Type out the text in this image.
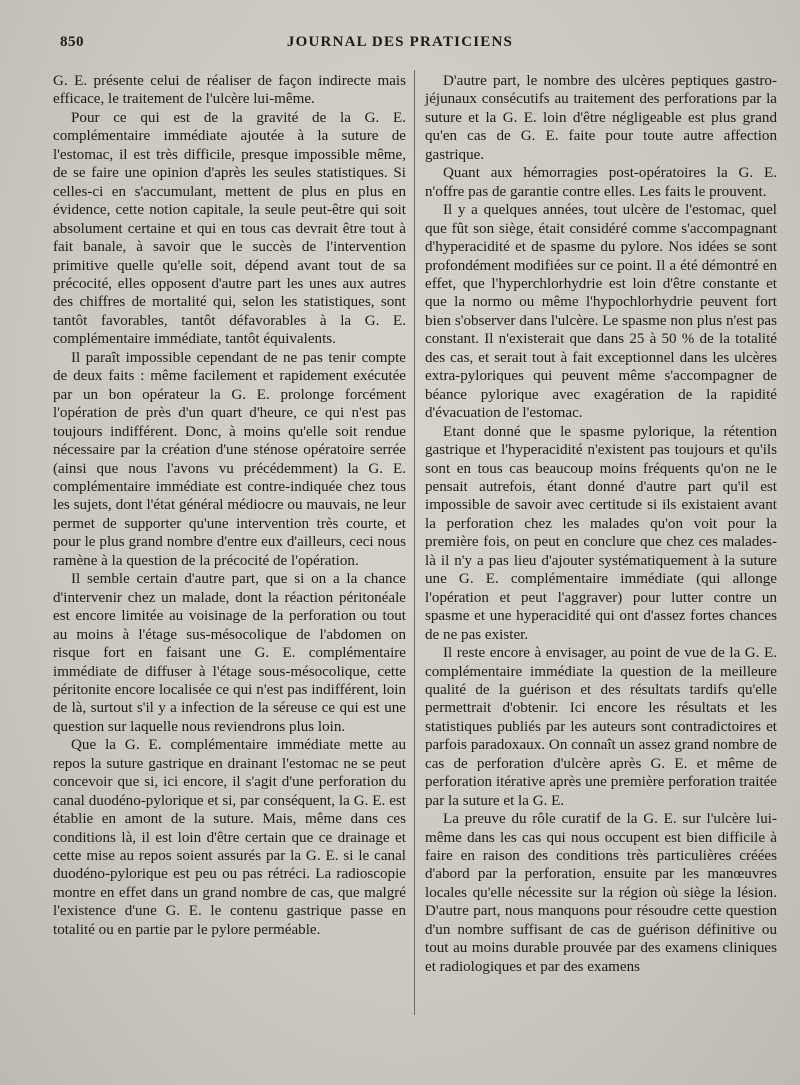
850	JOURNAL DES PRATICIENS

G. E. présente celui de réaliser de façon indirecte mais efficace, le traitement de l'ulcère lui-même.

Pour ce qui est de la gravité de la G. E. complémentaire immédiate ajoutée à la suture de l'estomac, il est très difficile, presque impossible même, de se faire une opinion d'après les seules statistiques. Si celles-ci en s'accumulant, mettent de plus en plus en évidence, cette notion capitale, la seule peut-être qui soit absolument certaine et qui en tous cas devrait être tout à fait banale, à savoir que le succès de l'intervention primitive quelle qu'elle soit, dépend avant tout de sa précocité, elles opposent d'autre part les unes aux autres des chiffres de mortalité qui, selon les statistiques, sont tantôt favorables, tantôt défavorables à la G. E. complémentaire immédiate, tantôt équivalents.

Il paraît impossible cependant de ne pas tenir compte de deux faits : même facilement et rapidement exécutée par un bon opérateur la G. E. prolonge forcément l'opération de près d'un quart d'heure, ce qui n'est pas toujours indifférent. Donc, à moins qu'elle soit rendue nécessaire par la création d'une sténose opératoire serrée (ainsi que nous l'avons vu précédemment) la G. E. complémentaire immédiate est contre-indiquée chez tous les sujets, dont l'état général médiocre ou mauvais, ne leur permet de supporter qu'une intervention très courte, et pour le plus grand nombre d'entre eux d'ailleurs, ceci nous ramène à la question de la précocité de l'opération.

Il semble certain d'autre part, que si on a la chance d'intervenir chez un malade, dont la réaction péritonéale est encore limitée au voisinage de la perforation ou tout au moins à l'étage sus-mésocolique de l'abdomen on risque fort en faisant une G. E. complémentaire immédiate de diffuser à l'étage sous-mésocolique, cette péritonite encore localisée ce qui n'est pas indifférent, loin de là, surtout s'il y a infection de la séreuse ce qui est une question sur laquelle nous reviendrons plus loin.

Que la G. E. complémentaire immédiate mette au repos la suture gastrique en drainant l'estomac ne se peut concevoir que si, ici encore, il s'agit d'une perforation du canal duodéno-pylorique et si, par conséquent, la G. E. est établie en amont de la suture. Mais, même dans ces conditions là, il est loin d'être certain que ce drainage et cette mise au repos soient assurés par la G. E. si le canal duodéno-pylorique est peu ou pas rétréci. La radioscopie montre en effet dans un grand nombre de cas, que malgré l'existence d'une G. E. le contenu gastrique passe en totalité ou en partie par le pylore perméable.

D'autre part, le nombre des ulcères peptiques gastro-jéjunaux consécutifs au traitement des perforations par la suture et la G. E. loin d'être négligeable est plus grand qu'en cas de G. E. faite pour toute autre affection gastrique.

Quant aux hémorragies post-opératoires la G. E. n'offre pas de garantie contre elles. Les faits le prouvent.

Il y a quelques années, tout ulcère de l'estomac, quel que fût son siège, était considéré comme s'accompagnant d'hyperacidité et de spasme du pylore. Nos idées se sont profondément modifiées sur ce point. Il a été démontré en effet, que l'hyperchlorhydrie est loin d'être constante et que la normo ou même l'hypochlorhydrie peuvent fort bien s'observer dans l'ulcère. Le spasme non plus n'est pas constant. Il n'existerait que dans 25 à 50 % de la totalité des cas, et serait tout à fait exceptionnel dans les ulcères extra-pyloriques qui peuvent même s'accompagner de béance pylorique avec exagération de la rapidité d'évacuation de l'estomac.

Etant donné que le spasme pylorique, la rétention gastrique et l'hyperacidité n'existent pas toujours et qu'ils sont en tous cas beaucoup moins fréquents qu'on ne le pensait autrefois, étant donné d'autre part qu'il est impossible de savoir avec certitude si ils existaient avant la perforation chez les malades qu'on voit pour la première fois, on peut en conclure que chez ces malades-là il n'y a pas lieu d'ajouter systématiquement à la suture une G. E. complémentaire immédiate (qui allonge l'opération et peut l'aggraver) pour lutter contre un spasme et une hyperacidité qui ont d'assez fortes chances de ne pas exister.

Il reste encore à envisager, au point de vue de la G. E. complémentaire immédiate la question de la meilleure qualité de la guérison et des résultats tardifs qu'elle permettrait d'obtenir. Ici encore les résultats et les statistiques publiés par les auteurs sont contradictoires et parfois paradoxaux. On connaît un assez grand nombre de cas de perforation d'ulcère après G. E. et même de perforation itérative après une première perforation traitée par la suture et la G. E.

La preuve du rôle curatif de la G. E. sur l'ulcère lui-même dans les cas qui nous occupent est bien difficile à faire en raison des conditions très particulières créées d'abord par la perforation, ensuite par les manœuvres locales qu'elle nécessite sur la région où siège la lésion. D'autre part, nous manquons pour résoudre cette question d'un nombre suffisant de cas de guérison définitive ou tout au moins durable prouvée par des examens cliniques et radiologiques et par des examens
